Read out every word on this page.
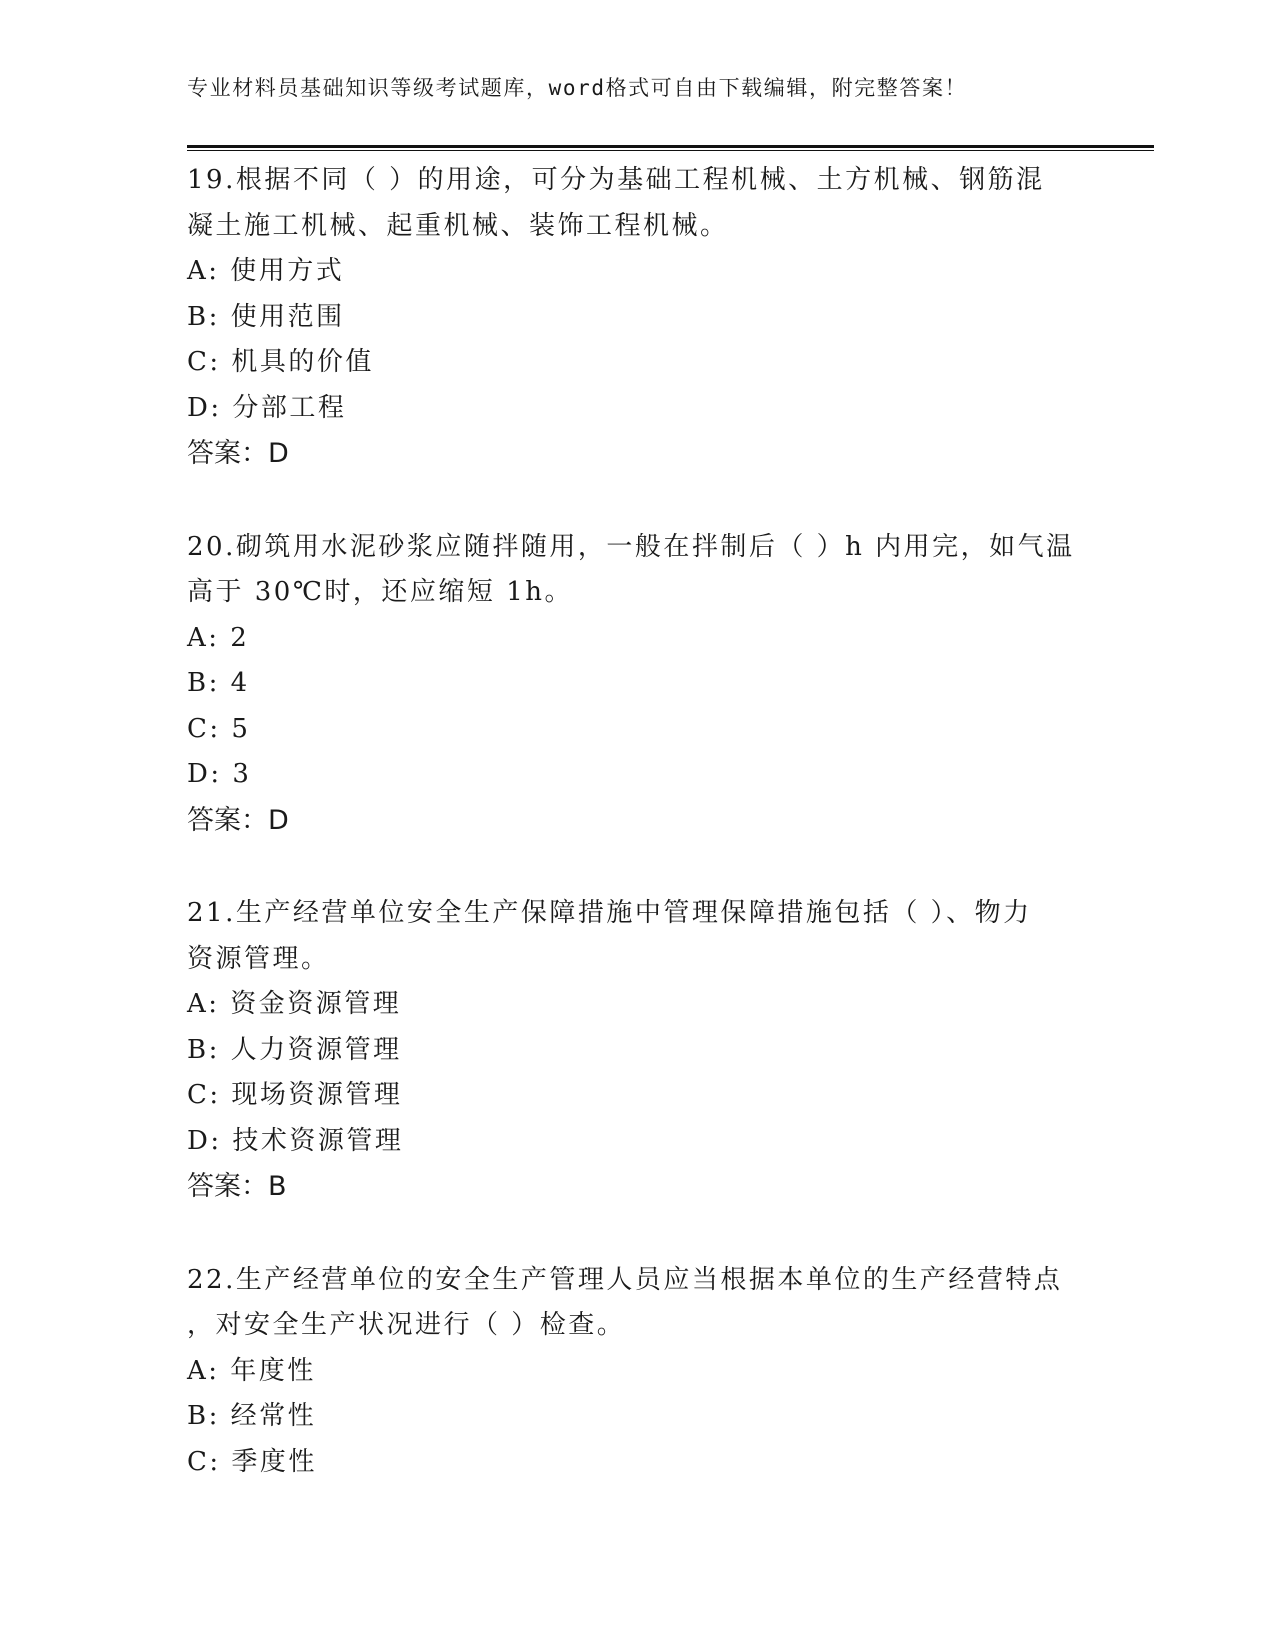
专业材料员基础知识等级考试题库，word格式可自由下载编辑，附完整答案！
19.根据不同（ ）的用途，可分为基础工程机械、土方机械、钢筋混
凝土施工机械、起重机械、装饰工程机械。
A: 使用方式
B: 使用范围
C: 机具的价值
D: 分部工程
答案：D
20.砌筑用水泥砂浆应随拌随用，一般在拌制后（ ）h 内用完，如气温
高于 30℃时，还应缩短 1h。
A: 2
B: 4
C: 5
D: 3
答案：D
21.生产经营单位安全生产保障措施中管理保障措施包括（ ）、物力
资源管理。
A: 资金资源管理
B: 人力资源管理
C: 现场资源管理
D: 技术资源管理
答案：B
22.生产经营单位的安全生产管理人员应当根据本单位的生产经营特点
，对安全生产状况进行（ ）检查。
A: 年度性
B: 经常性
C: 季度性
